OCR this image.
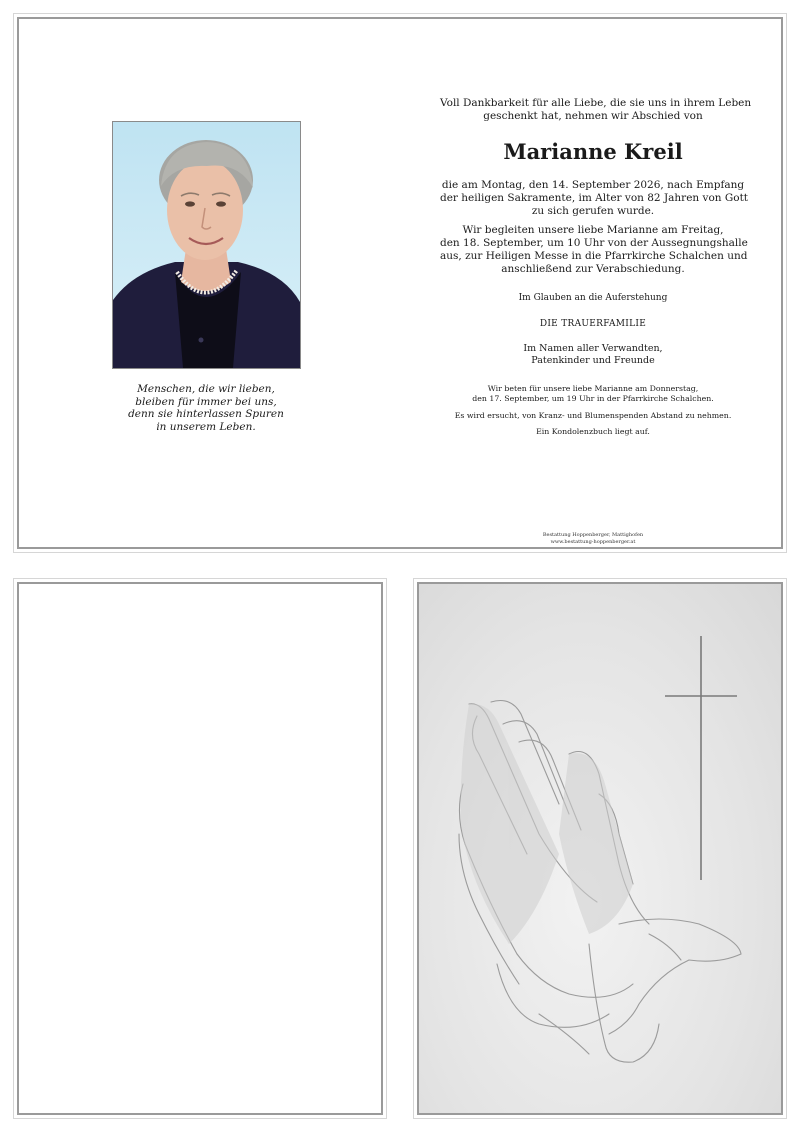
Menschen, die wir lieben,
bleiben für immer bei uns,
denn sie hinterlassen Spuren
in unserem Leben.
Voll Dankbarkeit für alle Liebe, die sie uns in ihrem Leben
geschenkt hat, nehmen wir Abschied von
Marianne Kreil
die am Montag, den 14. September 2026, nach Empfang
der heiligen Sakramente, im Alter von 82 Jahren von Gott
zu sich gerufen wurde.
Wir begleiten unsere liebe Marianne am Freitag,
den 18. September, um 10 Uhr von der Aussegnungshalle
aus, zur Heiligen Messe in die Pfarrkirche Schalchen und
anschließend zur Verabschiedung.
Im Glauben an die Auferstehung
DIE TRAUERFAMILIE
Im Namen aller Verwandten,
Patenkinder und Freunde
Wir beten für unsere liebe Marianne am Donnerstag,
den 17. September, um 19 Uhr in der Pfarrkirche Schalchen.
Es wird ersucht, von Kranz- und Blumenspenden Abstand zu nehmen.
Ein Kondolenzbuch liegt auf.
Bestattung Hoppenberger, Mattighofen
www.bestattung-hoppenberger.at
